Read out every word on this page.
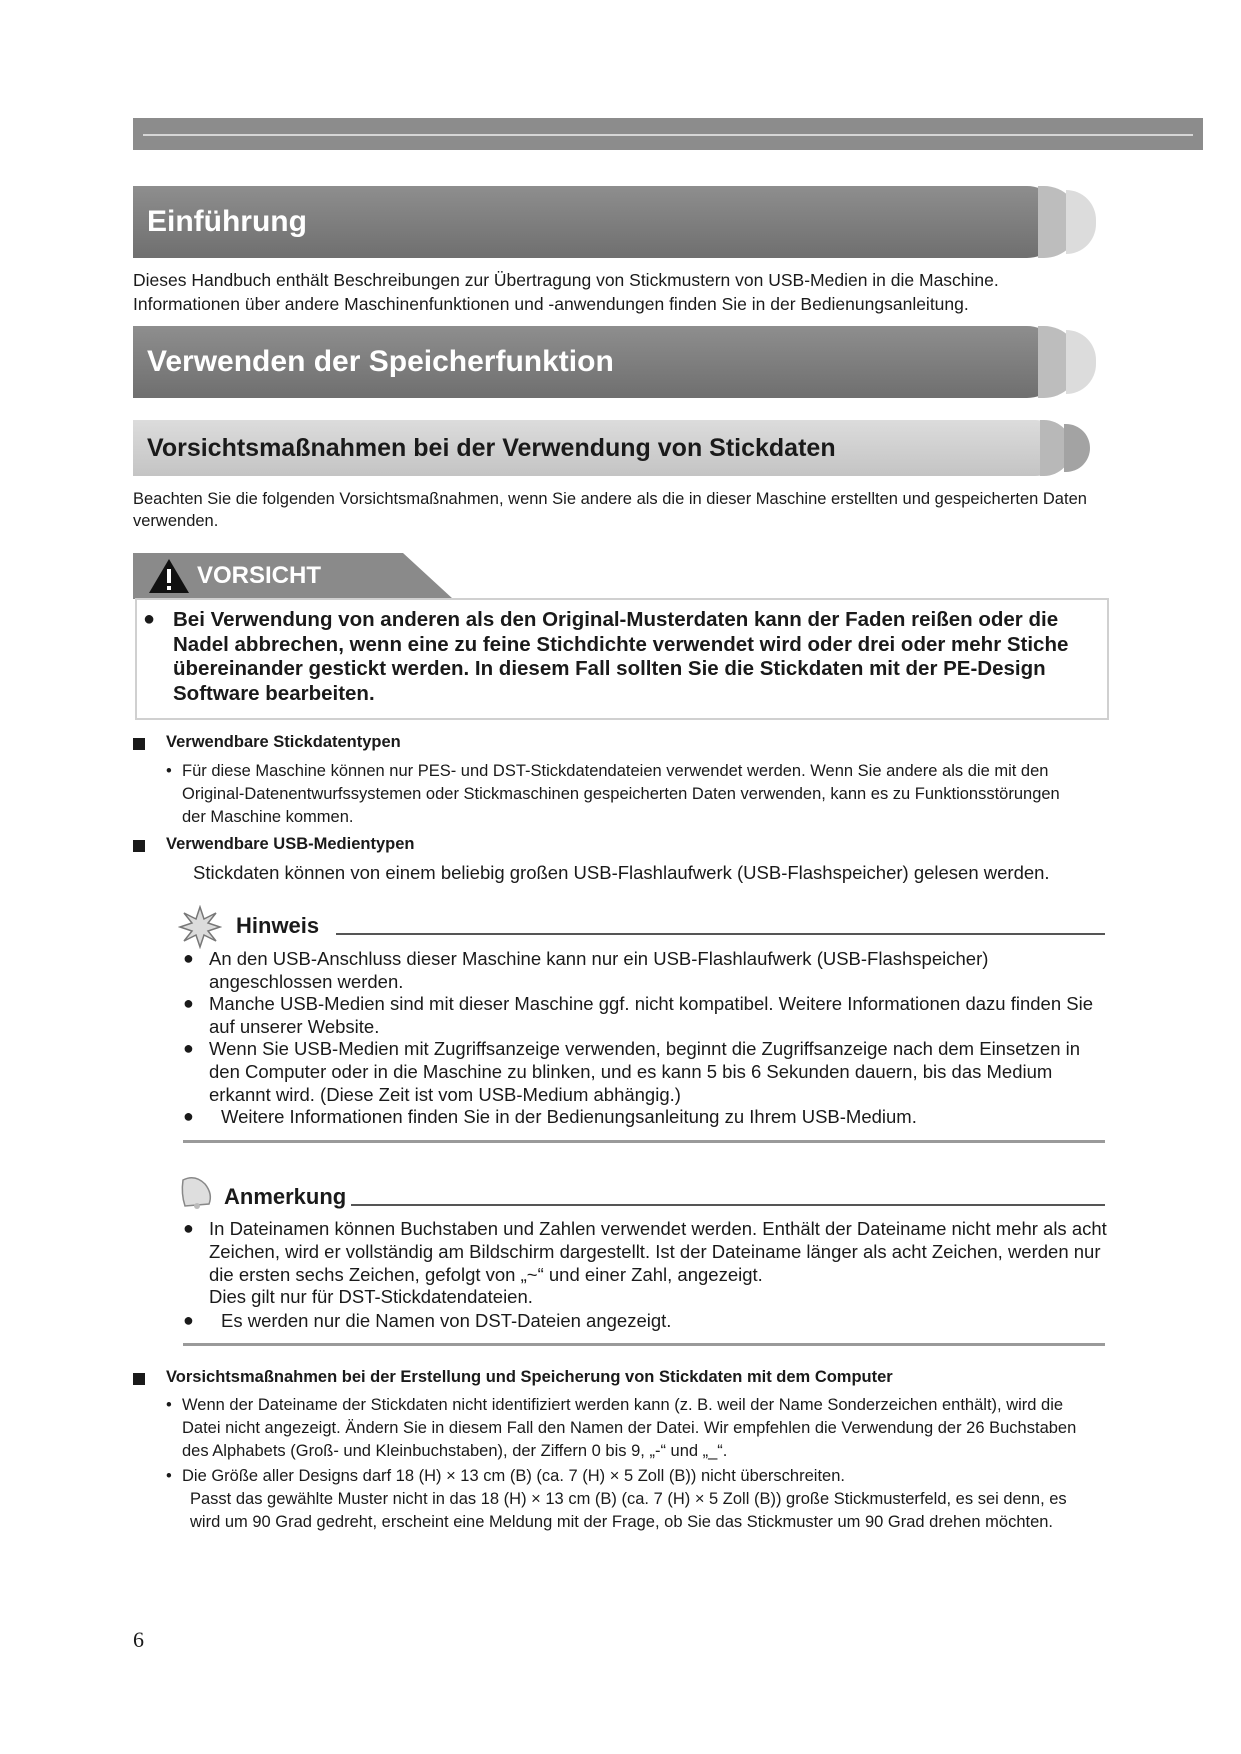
Einführung

Dieses Handbuch enthält Beschreibungen zur Übertragung von Stickmustern von USB-Medien in die Maschine.

Informationen über andere Maschinenfunktionen und -anwendungen finden Sie in der Bedienungsanleitung.

Verwenden der Speicherfunktion
Vorsichtsmaßnahmen bei der Verwendung von Stickdaten

Beachten Sie die folgenden Vorsichtsmaßnahmen, wenn Sie andere als die in dieser Maschine erstellten und gespeicherten Daten verwenden.

VORSICHT
● Bei Verwendung von anderen als den Original-Musterdaten kann der Faden reißen oder die Nadel abbrechen, wenn eine zu feine Stichdichte verwendet wird oder drei oder mehr Stiche übereinander gestickt werden. In diesem Fall sollten Sie die Stickdaten mit der PE-Design Software bearbeiten.

Verwendbare Stickdatentypen
• Für diese Maschine können nur PES- und DST-Stickdatendateien verwendet werden. Wenn Sie andere als die mit den Original-Datenentwurfssystemen oder Stickmaschinen gespeicherten Daten verwenden, kann es zu Funktionsstörungen der Maschine kommen.

Verwendbare USB-Medientypen

Stickdaten können von einem beliebig großen USB-Flashlaufwerk (USB-Flashspeicher) gelesen werden.

Hinweis
● An den USB-Anschluss dieser Maschine kann nur ein USB-Flashlaufwerk (USB-Flashspeicher) angeschlossen werden.

● Manche USB-Medien sind mit dieser Maschine ggf. nicht kompatibel. Weitere Informationen dazu finden Sie auf unserer Website.

● Wenn Sie USB-Medien mit Zugriffsanzeige verwenden, beginnt die Zugriffsanzeige nach dem Einsetzen in den Computer oder in die Maschine zu blinken, und es kann 5 bis 6 Sekunden dauern, bis das Medium erkannt wird. (Diese Zeit ist vom USB-Medium abhängig.)

● Weitere Informationen finden Sie in der Bedienungsanleitung zu Ihrem USB-Medium.

Anmerkung
● In Dateinamen können Buchstaben und Zahlen verwendet werden. Enthält der Dateiname nicht mehr als acht Zeichen, wird er vollständig am Bildschirm dargestellt. Ist der Dateiname länger als acht Zeichen, werden nur die ersten sechs Zeichen, gefolgt von „~“ und einer Zahl, angezeigt.

Dies gilt nur für DST-Stickdatendateien.

● Es werden nur die Namen von DST-Dateien angezeigt.

Vorsichtsmaßnahmen bei der Erstellung und Speicherung von Stickdaten mit dem Computer
• Wenn der Dateiname der Stickdaten nicht identifiziert werden kann (z. B. weil der Name Sonderzeichen enthält), wird die Datei nicht angezeigt. Ändern Sie in diesem Fall den Namen der Datei. Wir empfehlen die Verwendung der 26 Buchstaben des Alphabets (Groß- und Kleinbuchstaben), der Ziffern 0 bis 9, „-“ und „_“.

• Die Größe aller Designs darf 18 (H) × 13 cm (B) (ca. 7 (H) × 5 Zoll (B)) nicht überschreiten.

Passt das gewählte Muster nicht in das 18 (H) × 13 cm (B) (ca. 7 (H) × 5 Zoll (B)) große Stickmusterfeld, es sei denn, es wird um 90 Grad gedreht, erscheint eine Meldung mit der Frage, ob Sie das Stickmuster um 90 Grad drehen möchten.

6
